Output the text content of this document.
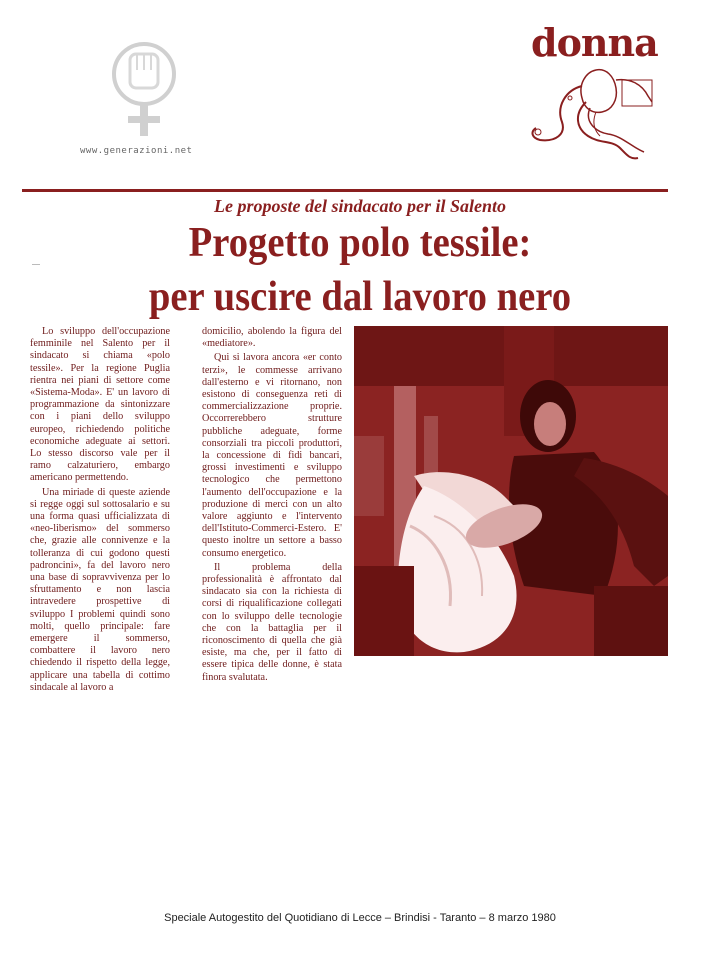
www.generazioni.net
donna
Le proposte del sindacato per il Salento
Progetto polo tessile:
per uscire dal lavoro nero

Lo sviluppo dell'occupazione femminile nel Salento per il sindacato si chiama «polo tessile». Per la regione Puglia rientra nei piani di settore come «Sistema-Moda». E' un lavoro di programmazione da sintonizzare con i piani dello sviluppo europeo, richiedendo politiche economiche adeguate ai settori. Lo stesso discorso vale per il ramo calzaturiero, embargo americano permettendo.

Una miriade di queste aziende si regge oggi sul sottosalario e su una forma quasi ufficializzata di «neo-liberismo» del sommerso che, grazie alle connivenze e la tolleranza di cui godono questi padroncini», fa del lavoro nero una base di sopravvivenza per lo sfruttamento e non lascia intravedere prospettive di sviluppo I problemi quindi sono molti, quello principale: fare emergere il sommerso, combattere il lavoro nero chiedendo il rispetto della legge, applicare una tabella di cottimo sindacale al lavoro a

domicilio, abolendo la figura del «mediatore».

Qui si lavora ancora «er conto terzi», le commesse arrivano dall'esterno e vi ritornano, non esistono di conseguenza reti di commercializzazione proprie. Occorrerebbero strutture pubbliche adeguate, forme consorziali tra piccoli produttori, la concessione di fidi bancari, grossi investimenti e sviluppo tecnologico che permettono l'aumento dell'occupazione e la produzione di merci con un alto valore aggiunto e l'intervento dell'Istituto-Commerci-Estero. E' questo inoltre un settore a basso consumo energetico.

Il problema della professionalità è affrontato dal sindacato sia con la richiesta di corsi di riqualificazione collegati con lo sviluppo delle tecnologie che con la battaglia per il riconoscimento di quella che già esiste, ma che, per il fatto di essere tipica delle donne, è stata finora svalutata.

Speciale Autogestito del Quotidiano di Lecce – Brindisi - Taranto – 8 marzo 1980
